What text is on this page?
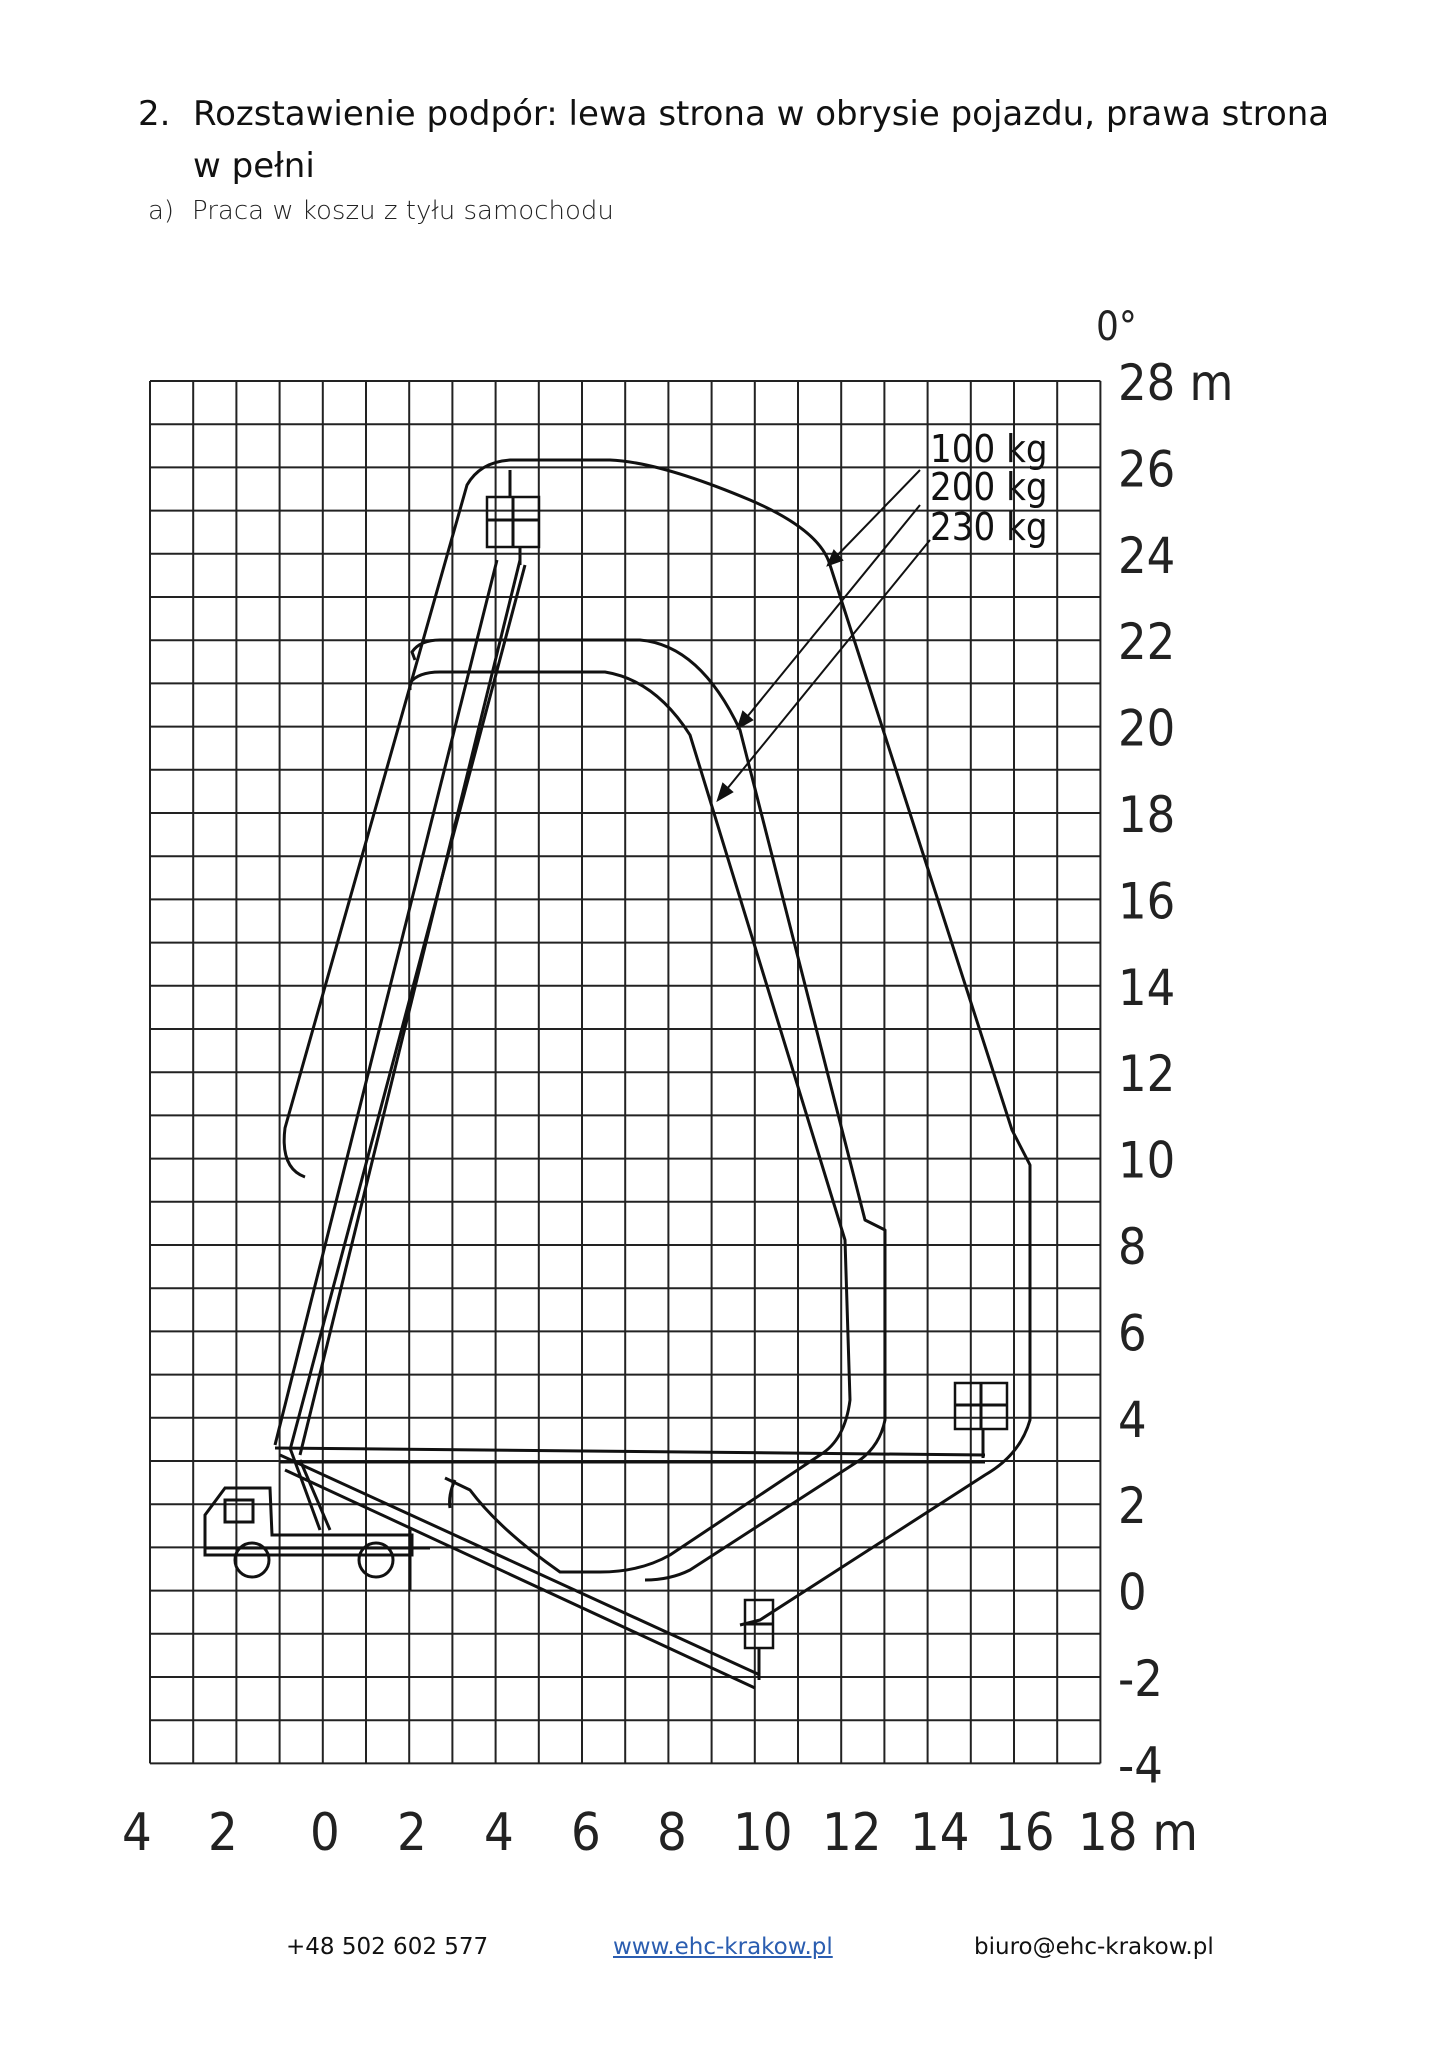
2. Rozstawienie podpór: lewa strona w obrysie pojazdu, prawa strona w pełni
a) Praca w koszu z tyłu samochodu
28 m
26
24
22
20
18
16
14
12
10
8
6
4
2
0
-2
-4
4 2 0 2 4 6 8 10 12 14 16 18 m
0°
100 kg
200 kg
230 kg
+48 502 602 577	www.ehc-krakow.pl	biuro@ehc-krakow.pl
